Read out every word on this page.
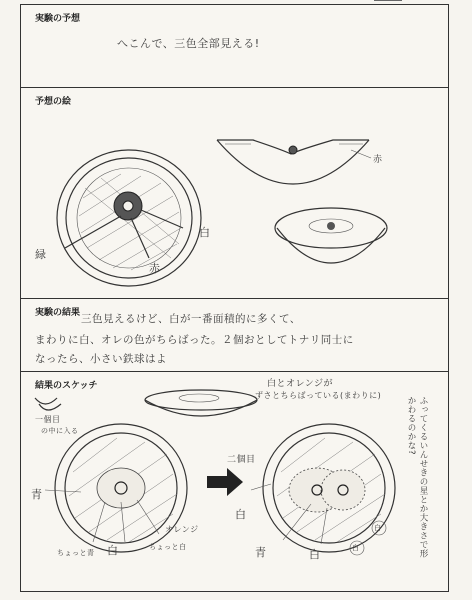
実験の予想
へこんで、三色全部見える!
予想の絵
緑
赤
白
赤
実験の結果 三色見えるけど、白が一番面積的に多くて、
まわりに白、オレの色がちらばった。２個おとしてトナリ同士に
なったら、小さい鉄球はよ
結果のスケッチ	白とオレンジが
ずさとちらばっている(まわりに)
一個目
の中に入る
二個目
青
白
ちょっと青
ちょっと白
オレンジ
白
青	白
白
白	ふってくるいんせきの星とか大きさで形かわるのかな?
